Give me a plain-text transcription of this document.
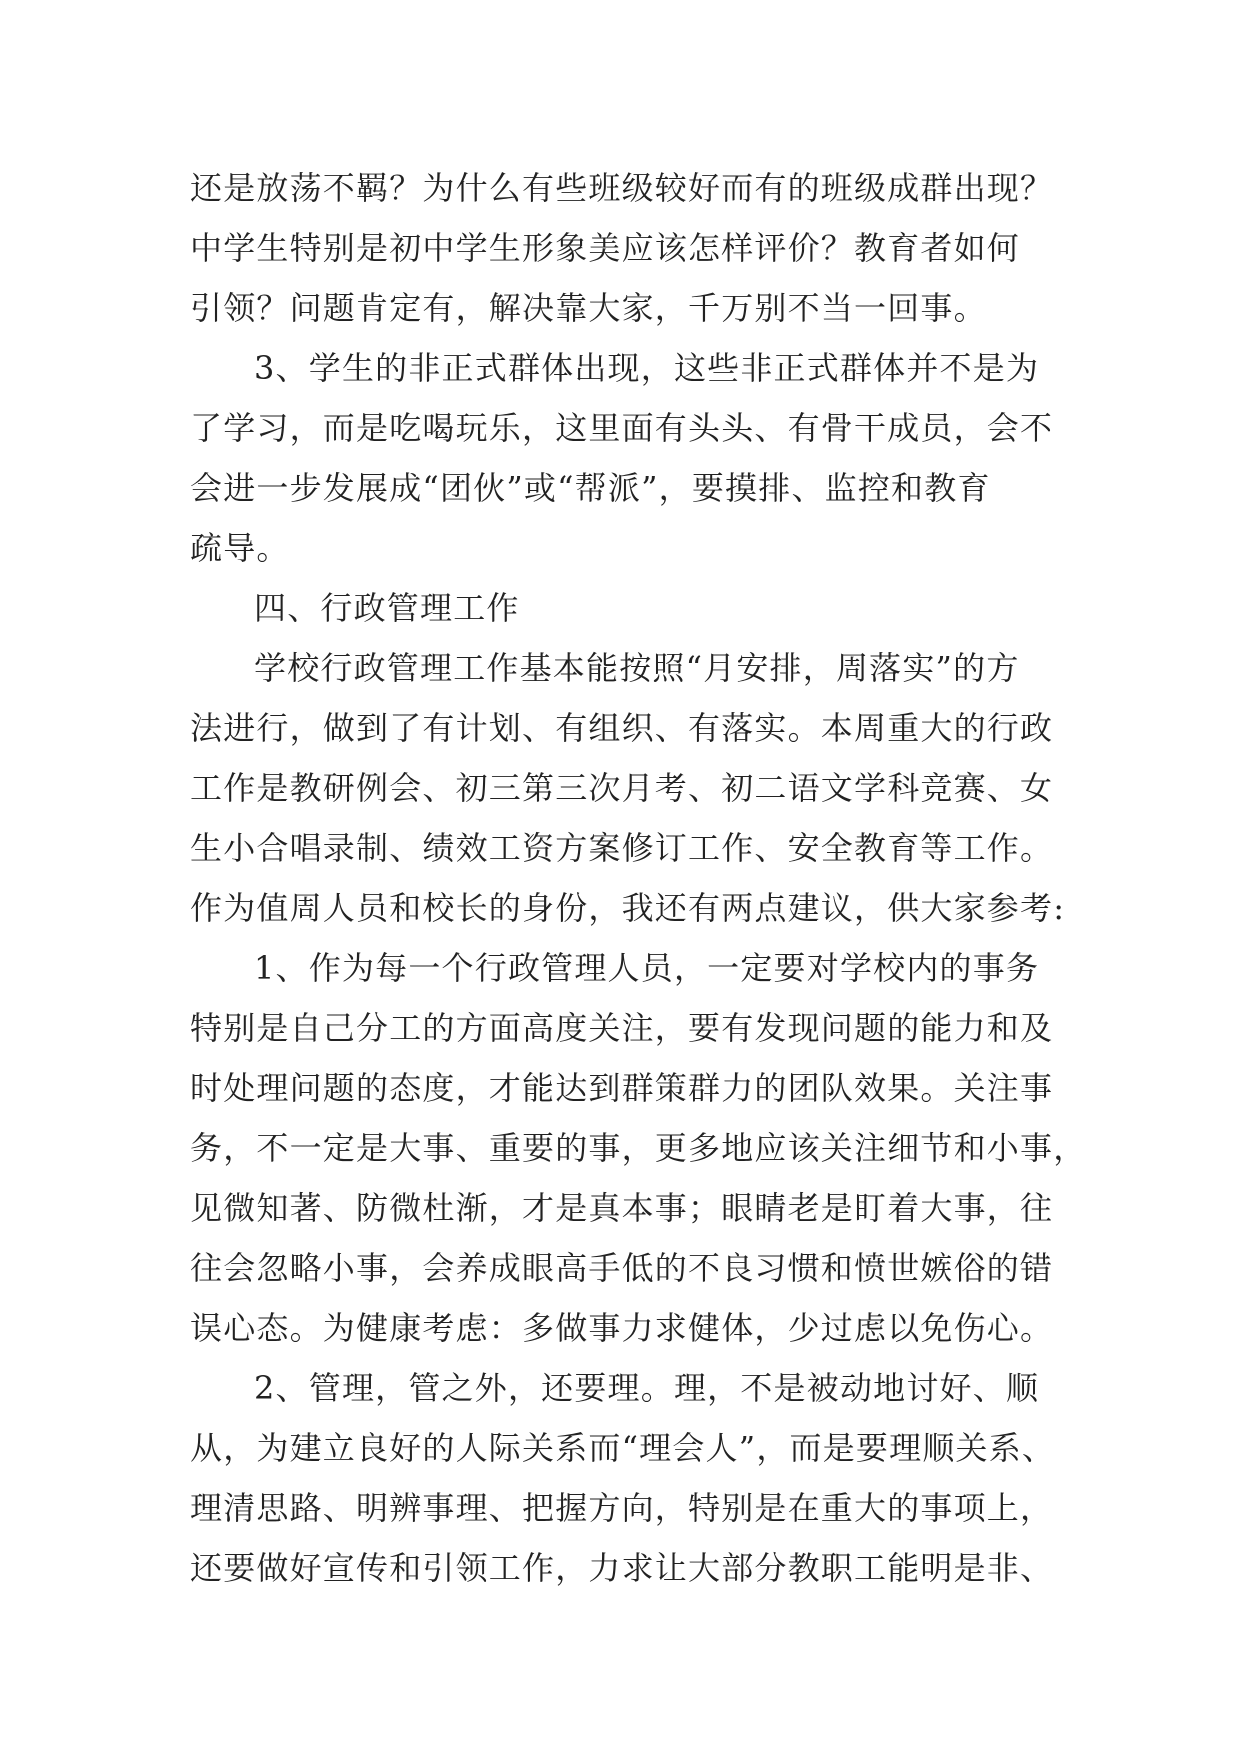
还是放荡不羁？为什么有些班级较好而有的班级成群出现？
中学生特别是初中学生形象美应该怎样评价？教育者如何
引领？问题肯定有，解决靠大家，千万别不当一回事。
3、学生的非正式群体出现，这些非正式群体并不是为
了学习，而是吃喝玩乐，这里面有头头、有骨干成员，会不
会进一步发展成“团伙”或“帮派”，要摸排、监控和教育
疏导。
四、行政管理工作
学校行政管理工作基本能按照“月安排，周落实”的方
法进行，做到了有计划、有组织、有落实。本周重大的行政
工作是教研例会、初三第三次月考、初二语文学科竞赛、女
生小合唱录制、绩效工资方案修订工作、安全教育等工作。
作为值周人员和校长的身份，我还有两点建议，供大家参考:
1、作为每一个行政管理人员，一定要对学校内的事务
特别是自己分工的方面高度关注，要有发现问题的能力和及
时处理问题的态度，才能达到群策群力的团队效果。关注事
务，不一定是大事、重要的事，更多地应该关注细节和小事，
见微知著、防微杜渐，才是真本事；眼睛老是盯着大事，往
往会忽略小事，会养成眼高手低的不良习惯和愤世嫉俗的错
误心态。为健康考虑：多做事力求健体，少过虑以免伤心。
2、管理，管之外，还要理。理，不是被动地讨好、顺
从，为建立良好的人际关系而“理会人”，而是要理顺关系、
理清思路、明辨事理、把握方向，特别是在重大的事项上，
还要做好宣传和引领工作，力求让大部分教职工能明是非、
